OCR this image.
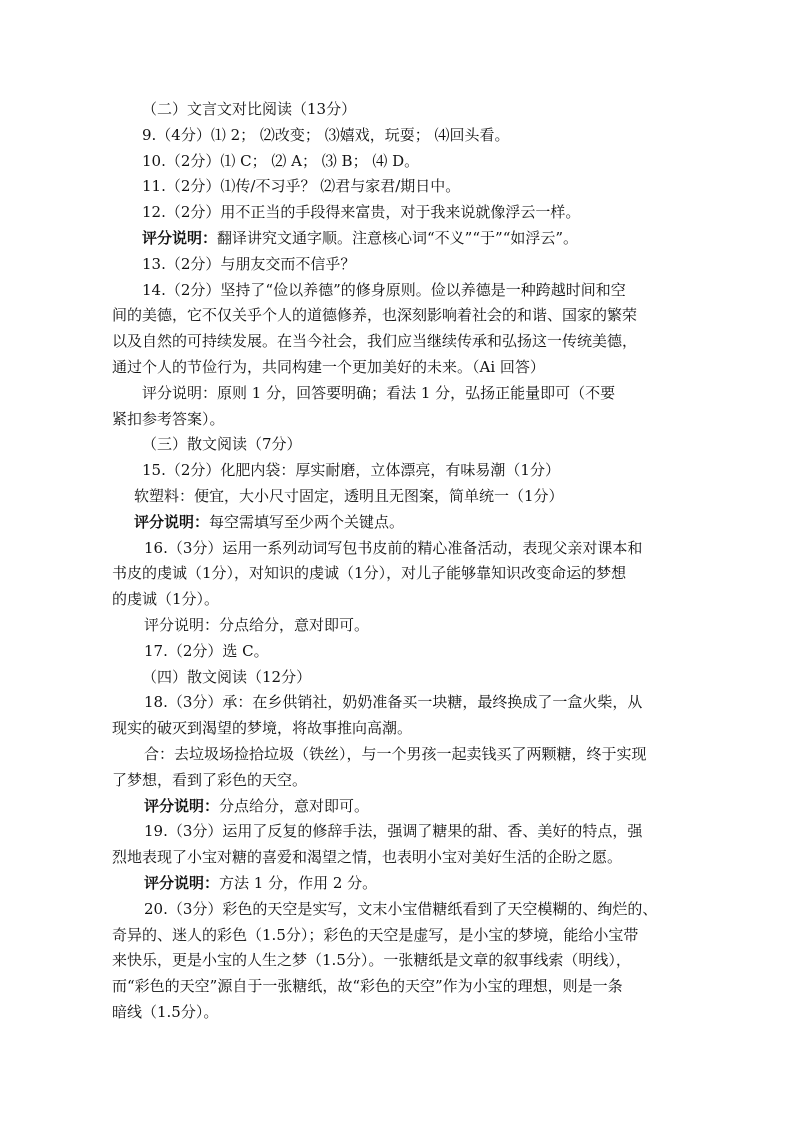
（二）文言文对比阅读（13分）
9.（4分）⑴ 2； ⑵改变； ⑶嬉戏，玩耍； ⑷回头看。
10.（2分）⑴ C； ⑵ A； ⑶ B； ⑷ D。
11.（2分）⑴传/不习乎？ ⑵君与家君/期日中。
12.（2分）用不正当的手段得来富贵，对于我来说就像浮云一样。
评分说明：翻译讲究文通字顺。注意核心词“不义”“于”“如浮云”。
13.（2分）与朋友交而不信乎？
14.（2分）坚持了“俭以养德”的修身原则。俭以养德是一种跨越时间和空
间的美德，它不仅关乎个人的道德修养，也深刻影响着社会的和谐、国家的繁荣
以及自然的可持续发展。在当今社会，我们应当继续传承和弘扬这一传统美德，
通过个人的节俭行为，共同构建一个更加美好的未来。（Ai 回答）
评分说明：原则 1 分，回答要明确；看法 1 分，弘扬正能量即可（不要
紧扣参考答案）。
（三）散文阅读（7分）
15.（2分）化肥内袋：厚实耐磨，立体漂亮，有味易潮（1分）
软塑料：便宜，大小尺寸固定，透明且无图案，简单统一（1分）
评分说明：每空需填写至少两个关键点。
16.（3分）运用一系列动词写包书皮前的精心准备活动，表现父亲对课本和
书皮的虔诚（1分），对知识的虔诚（1分），对儿子能够靠知识改变命运的梦想
的虔诚（1分）。
评分说明：分点给分，意对即可。
17.（2分）选 C。
（四）散文阅读（12分）
18.（3分）承：在乡供销社，奶奶准备买一块糖，最终换成了一盒火柴，从
现实的破灭到渴望的梦境，将故事推向高潮。
合：去垃圾场捡拾垃圾（铁丝），与一个男孩一起卖钱买了两颗糖，终于实现
了梦想，看到了彩色的天空。
评分说明：分点给分，意对即可。
19.（3分）运用了反复的修辞手法，强调了糖果的甜、香、美好的特点，强
烈地表现了小宝对糖的喜爱和渴望之情，也表明小宝对美好生活的企盼之愿。
评分说明：方法 1 分，作用 2 分。
20.（3分）彩色的天空是实写，文末小宝借糖纸看到了天空模糊的、绚烂的、
奇异的、迷人的彩色（1.5分）；彩色的天空是虚写，是小宝的梦境，能给小宝带
来快乐，更是小宝的人生之梦（1.5分）。一张糖纸是文章的叙事线索（明线），
而“彩色的天空”源自于一张糖纸，故“彩色的天空”作为小宝的理想，则是一条
暗线（1.5分）。
